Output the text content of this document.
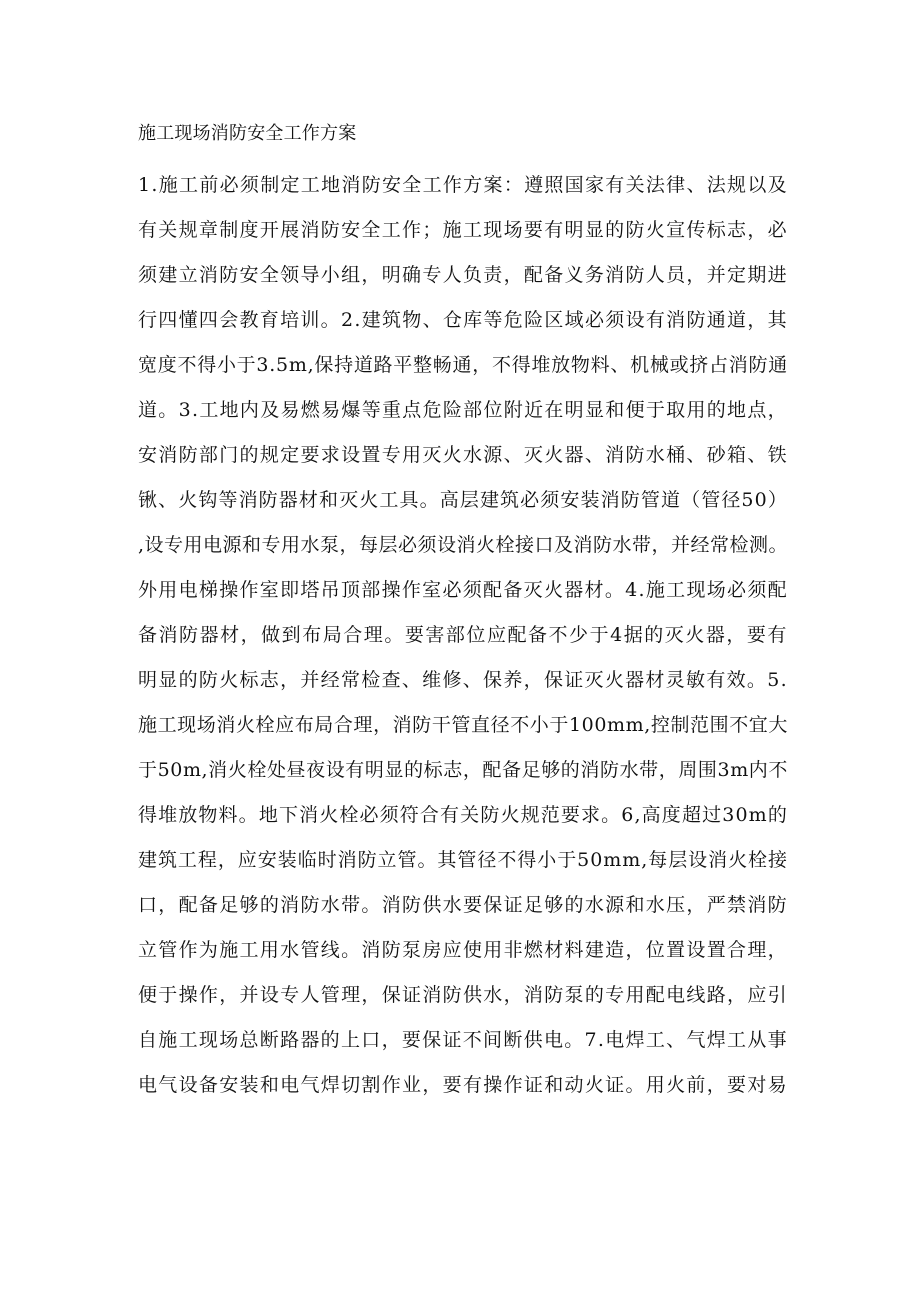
施工现场消防安全工作方案
1.施工前必须制定工地消防安全工作方案：遵照国家有关法律、法规以及
有关规章制度开展消防安全工作；施工现场要有明显的防火宣传标志，必
须建立消防安全领导小组，明确专人负责，配备义务消防人员，并定期进
行四懂四会教育培训。2.建筑物、仓库等危险区域必须设有消防通道，其
宽度不得小于3.5m,保持道路平整畅通，不得堆放物料、机械或挤占消防通
道。3.工地内及易燃易爆等重点危险部位附近在明显和便于取用的地点，
安消防部门的规定要求设置专用灭火水源、灭火器、消防水桶、砂箱、铁
锹、火钩等消防器材和灭火工具。高层建筑必须安装消防管道（管径50）
,设专用电源和专用水泵，每层必须设消火栓接口及消防水带，并经常检测。
外用电梯操作室即塔吊顶部操作室必须配备灭火器材。4.施工现场必须配
备消防器材，做到布局合理。要害部位应配备不少于4据的灭火器，要有
明显的防火标志，并经常检查、维修、保养，保证灭火器材灵敏有效。5.
施工现场消火栓应布局合理，消防干管直径不小于100mm,控制范围不宜大
于50m,消火栓处昼夜设有明显的标志，配备足够的消防水带，周围3m内不
得堆放物料。地下消火栓必须符合有关防火规范要求。6,高度超过30m的
建筑工程，应安装临时消防立管。其管径不得小于50mm,每层设消火栓接
口，配备足够的消防水带。消防供水要保证足够的水源和水压，严禁消防
立管作为施工用水管线。消防泵房应使用非燃材料建造，位置设置合理，
便于操作，并设专人管理，保证消防供水，消防泵的专用配电线路，应引
自施工现场总断路器的上口，要保证不间断供电。7.电焊工、气焊工从事
电气设备安装和电气焊切割作业，要有操作证和动火证。用火前，要对易
